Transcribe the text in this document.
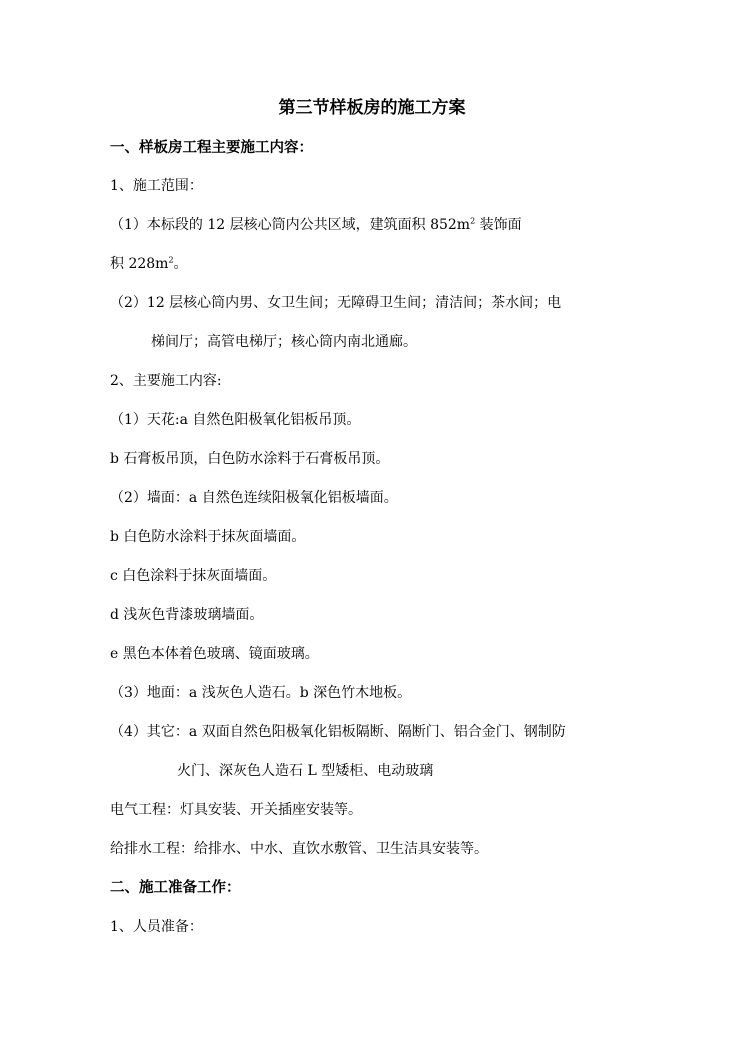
第三节样板房的施工方案
一、样板房工程主要施工内容：
1、施工范围：
（1）本标段的 12 层核心筒内公共区域，建筑面积 $852m^2$ 装饰面
积 $228m^2$。
（2）12 层核心筒内男、女卫生间；无障碍卫生间；清洁间；茶水间；电
梯间厅；高管电梯厅；核心筒内南北通廊。
2、主要施工内容:
（1）天花:a 自然色阳极氧化铝板吊顶。
b 石膏板吊顶，白色防水涂料于石膏板吊顶。
（2）墙面：a 自然色连续阳极氧化铝板墙面。
b 白色防水涂料于抹灰面墙面。
c 白色涂料于抹灰面墙面。
d 浅灰色背漆玻璃墙面。
e 黑色本体着色玻璃、镜面玻璃。
（3）地面：a 浅灰色人造石。b 深色竹木地板。
（4）其它：a 双面自然色阳极氧化铝板隔断、隔断门、铝合金门、钢制防
火门、深灰色人造石 L 型矮柜、电动玻璃
电气工程：灯具安装、开关插座安装等。
给排水工程：给排水、中水、直饮水敷管、卫生洁具安装等。
二、施工准备工作：
1、人员准备：
